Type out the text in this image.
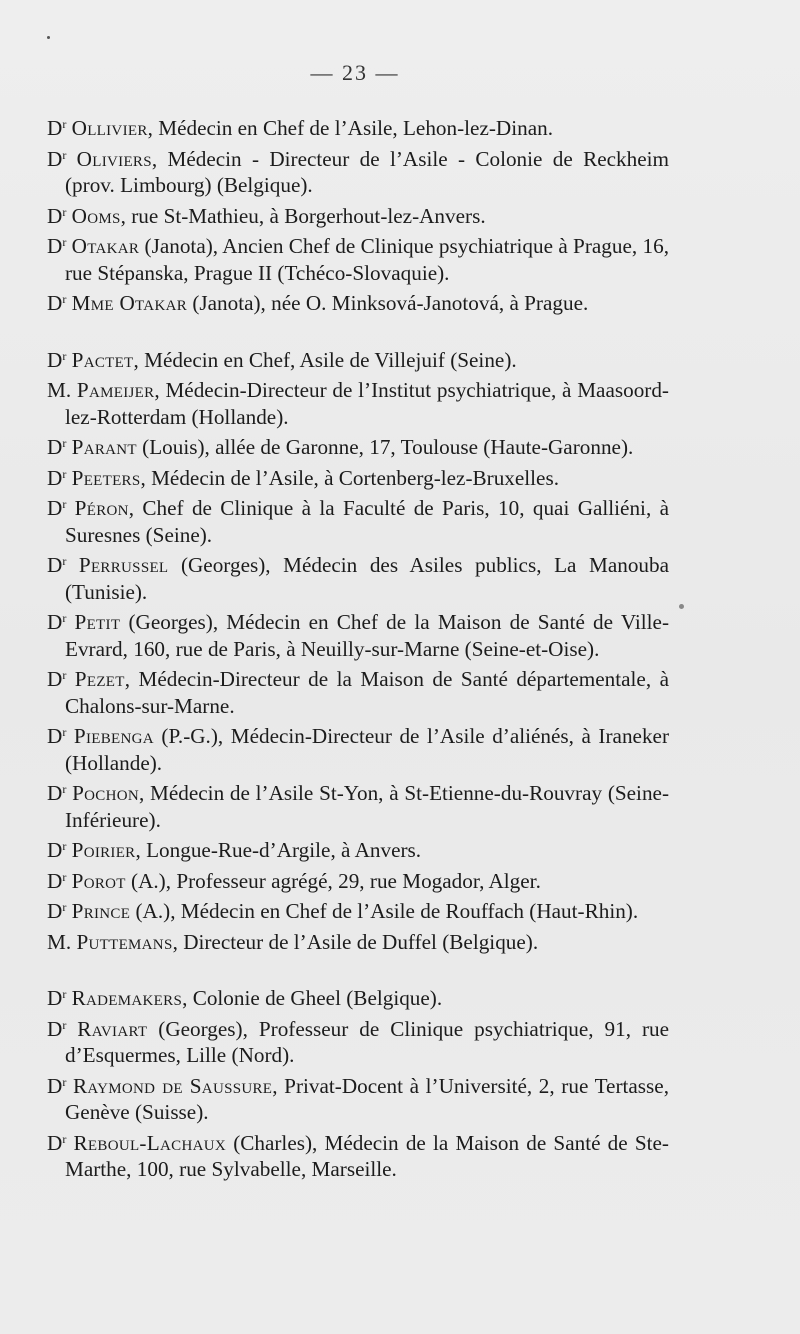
— 23 —

$D^r$ Ollivier, Médecin en Chef de l’Asile, Lehon-lez-Dinan.

$D^r$ Oliviers, Médecin - Directeur de l’Asile - Colonie de Reckheim (prov. Limbourg) (Belgique).

$D^r$ Ooms, rue St-Mathieu, à Borgerhout-lez-Anvers.

$D^r$ Otakar (Janota), Ancien Chef de Clinique psychiatrique à Prague, 16, rue Stépanska, Prague II (Tchéco-Slovaquie).

$D^r$ Mme Otakar (Janota), née O. Minksová-Janotová, à Prague.

$D^r$ Pactet, Médecin en Chef, Asile de Villejuif (Seine).

M. Pameijer, Médecin-Directeur de l’Institut psychiatrique, à Maasoord-lez-Rotterdam (Hollande).

$D^r$ Parant (Louis), allée de Garonne, 17, Toulouse (Haute-Garonne).

$D^r$ Peeters, Médecin de l’Asile, à Cortenberg-lez-Bruxelles.

$D^r$ Péron, Chef de Clinique à la Faculté de Paris, 10, quai Galliéni, à Suresnes (Seine).

$D^r$ Perrussel (Georges), Médecin des Asiles publics, La Manouba (Tunisie).

$D^r$ Petit (Georges), Médecin en Chef de la Maison de Santé de Ville-Evrard, 160, rue de Paris, à Neuilly-sur-Marne (Seine-et-Oise).

$D^r$ Pezet, Médecin-Directeur de la Maison de Santé départementale, à Chalons-sur-Marne.

$D^r$ Piebenga (P.-G.), Médecin-Directeur de l’Asile d’aliénés, à Iraneker (Hollande).

$D^r$ Pochon, Médecin de l’Asile St-Yon, à St-Etienne-du-Rouvray (Seine-Inférieure).

$D^r$ Poirier, Longue-Rue-d’Argile, à Anvers.

$D^r$ Porot (A.), Professeur agrégé, 29, rue Mogador, Alger.

$D^r$ Prince (A.), Médecin en Chef de l’Asile de Rouffach (Haut-Rhin).

M. Puttemans, Directeur de l’Asile de Duffel (Belgique).

$D^r$ Rademakers, Colonie de Gheel (Belgique).

$D^r$ Raviart (Georges), Professeur de Clinique psychiatrique, 91, rue d’Esquermes, Lille (Nord).

$D^r$ Raymond de Saussure, Privat-Docent à l’Université, 2, rue Tertasse, Genève (Suisse).

$D^r$ Reboul-Lachaux (Charles), Médecin de la Maison de Santé de Ste-Marthe, 100, rue Sylvabelle, Marseille.
